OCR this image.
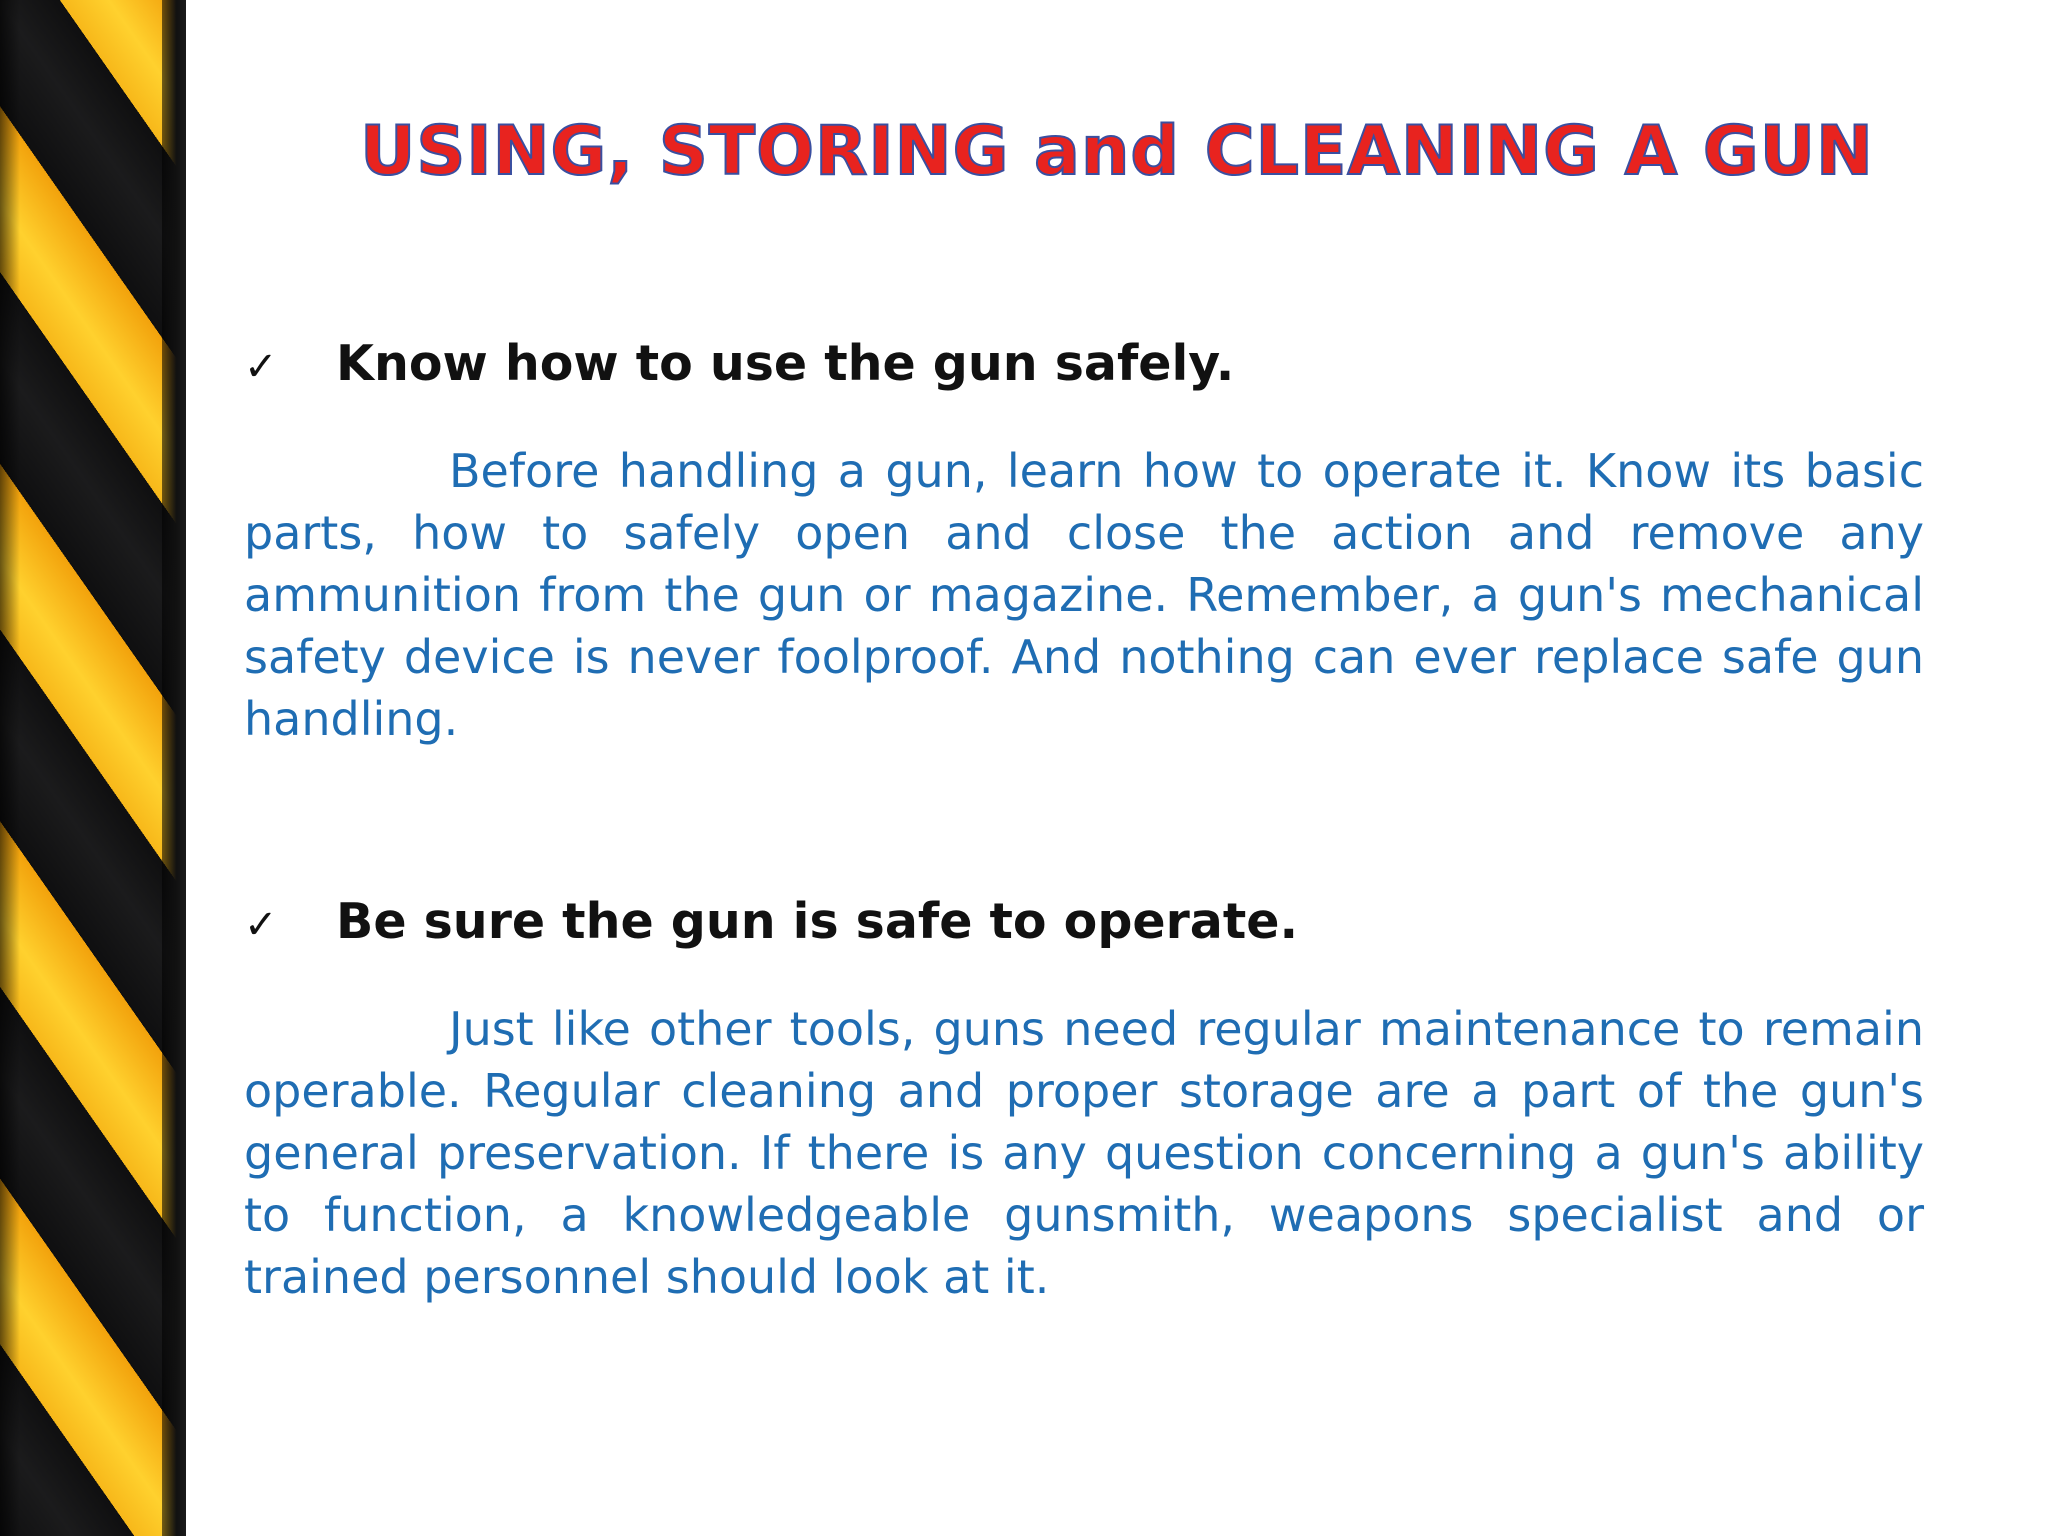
USING, STORING and CLEANING A GUN
✓	Know how to use the gun safely.

Before handling a gun, learn how to operate it. Know its basic parts, how to safely open and close the action and remove any ammunition from the gun or magazine. Remember, a gun's mechanical safety device is never foolproof. And nothing can ever replace safe gun handling.

✓	Be sure the gun is safe to operate.

Just like other tools, guns need regular maintenance to remain operable. Regular cleaning and proper storage are a part of the gun's general preservation. If there is any question concerning a gun's ability to function, a knowledgeable gunsmith, weapons specialist and or trained personnel should look at it.
